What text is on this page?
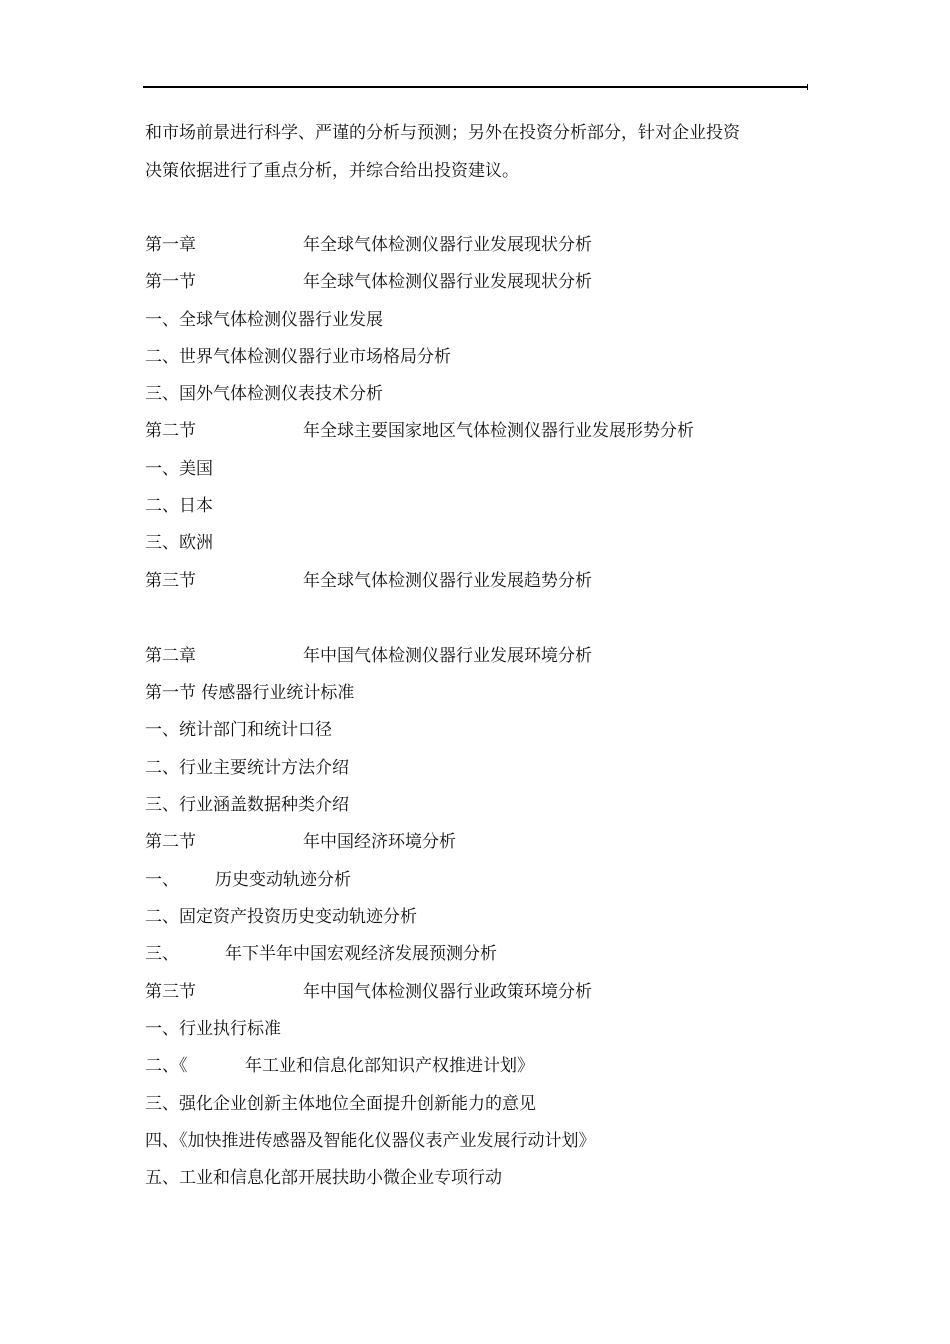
和市场前景进行科学、严谨的分析与预测；另外在投资分析部分，针对企业投资
决策依据进行了重点分析，并综合给出投资建议。
第一章	年全球气体检测仪器行业发展现状分析
第一节	年全球气体检测仪器行业发展现状分析
一、全球气体检测仪器行业发展
二、世界气体检测仪器行业市场格局分析
三、国外气体检测仪表技术分析
第二节	年全球主要国家地区气体检测仪器行业发展形势分析
一、美国
二、日本
三、欧洲
第三节	年全球气体检测仪器行业发展趋势分析
第二章	年中国气体检测仪器行业发展环境分析
第一节 传感器行业统计标准
一、统计部门和统计口径
二、行业主要统计方法介绍
三、行业涵盖数据种类介绍
第二节	年中国经济环境分析
一、 历史变动轨迹分析
二、固定资产投资历史变动轨迹分析
三、	年下半年中国宏观经济发展预测分析
第三节	年中国气体检测仪器行业政策环境分析
一、行业执行标准
二、《	年工业和信息化部知识产权推进计划》
三、强化企业创新主体地位全面提升创新能力的意见
四、《加快推进传感器及智能化仪器仪表产业发展行动计划》
五、工业和信息化部开展扶助小微企业专项行动
